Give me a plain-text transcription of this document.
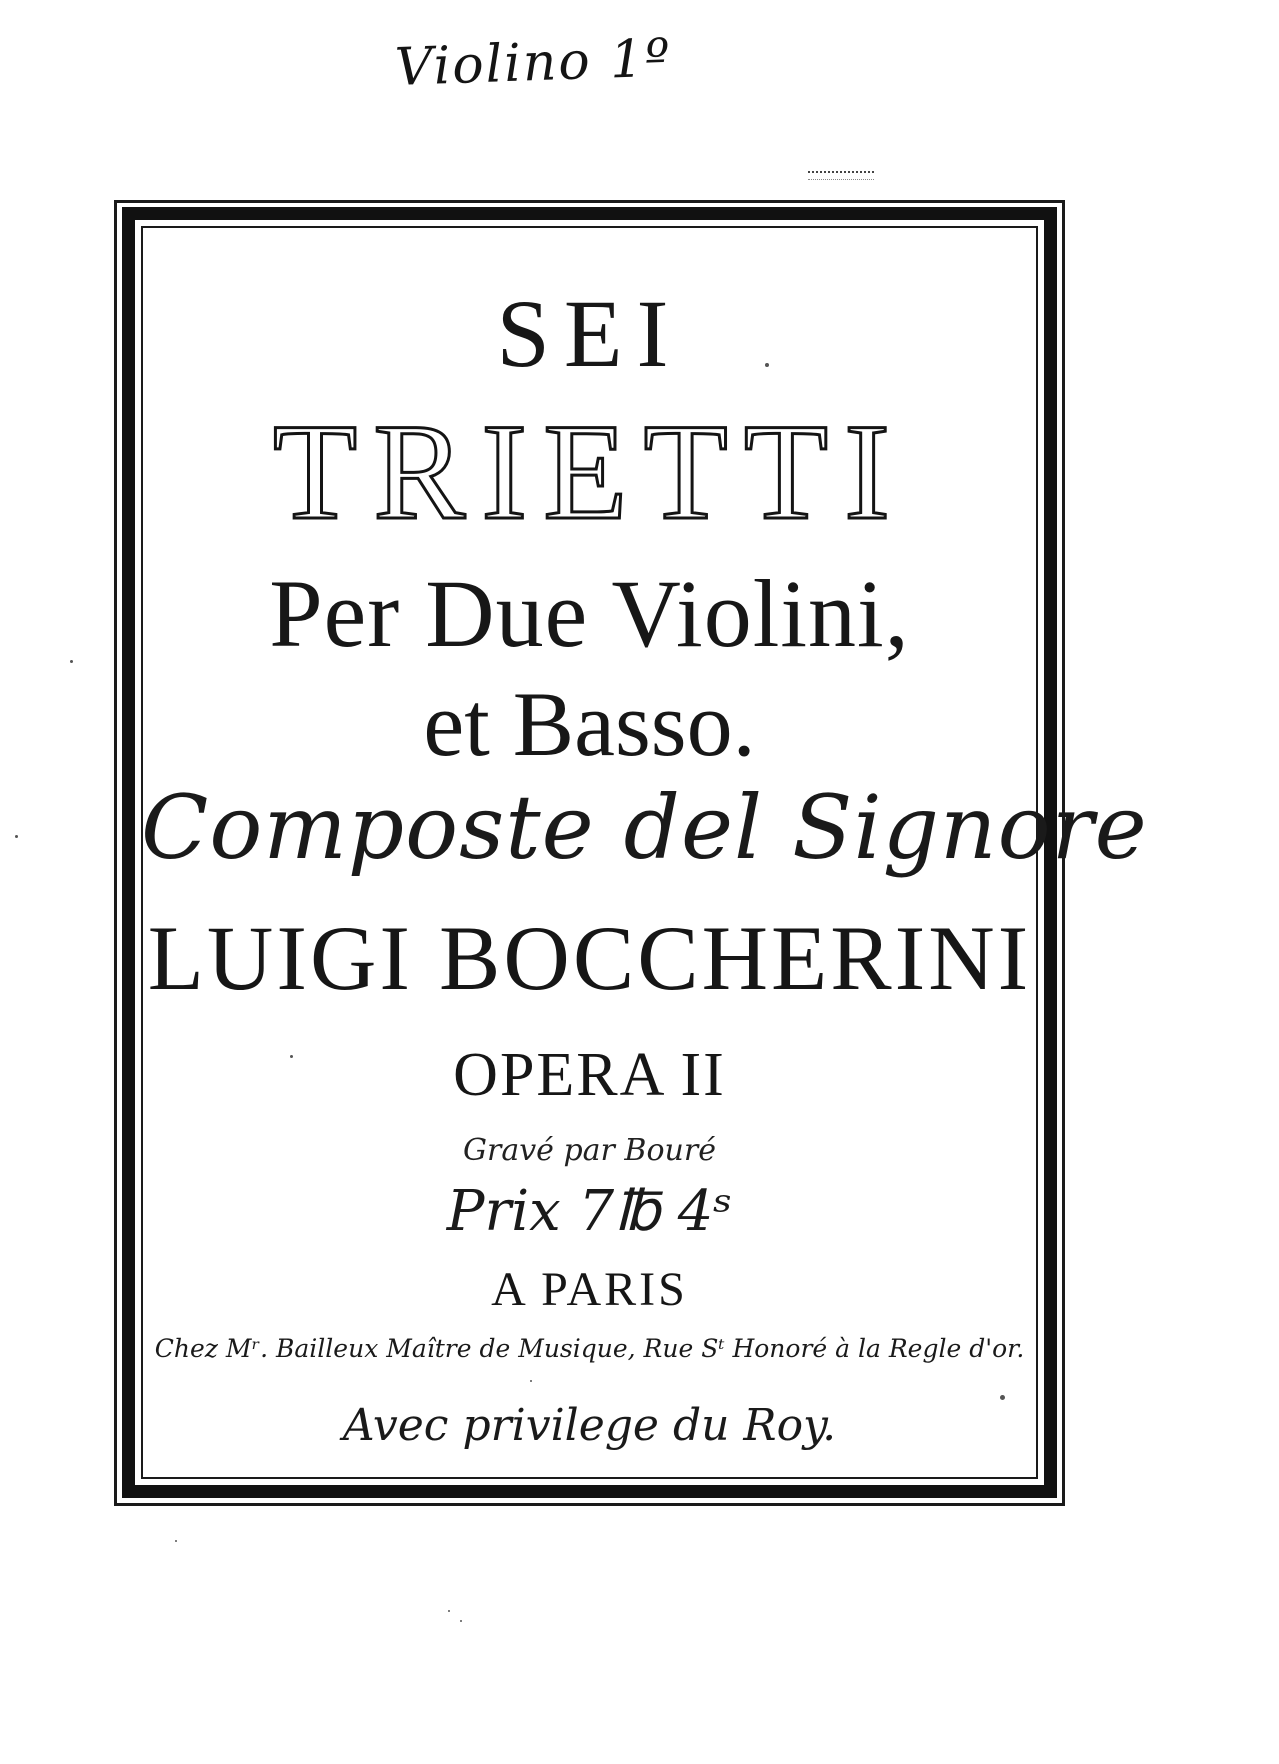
Violino 1º
SEI
TRIETTI
Per Due Violini,
et Basso.
Composte del Signore
LUIGI BOCCHERINI
OPERA II
Gravé par Bouré
Prix 7℔ 4ˢ
A PARIS
Chez Mʳ. Bailleux Maître de Musique, Rue Sᵗ Honoré à la Regle d'or.
Avec privilege du Roy.
